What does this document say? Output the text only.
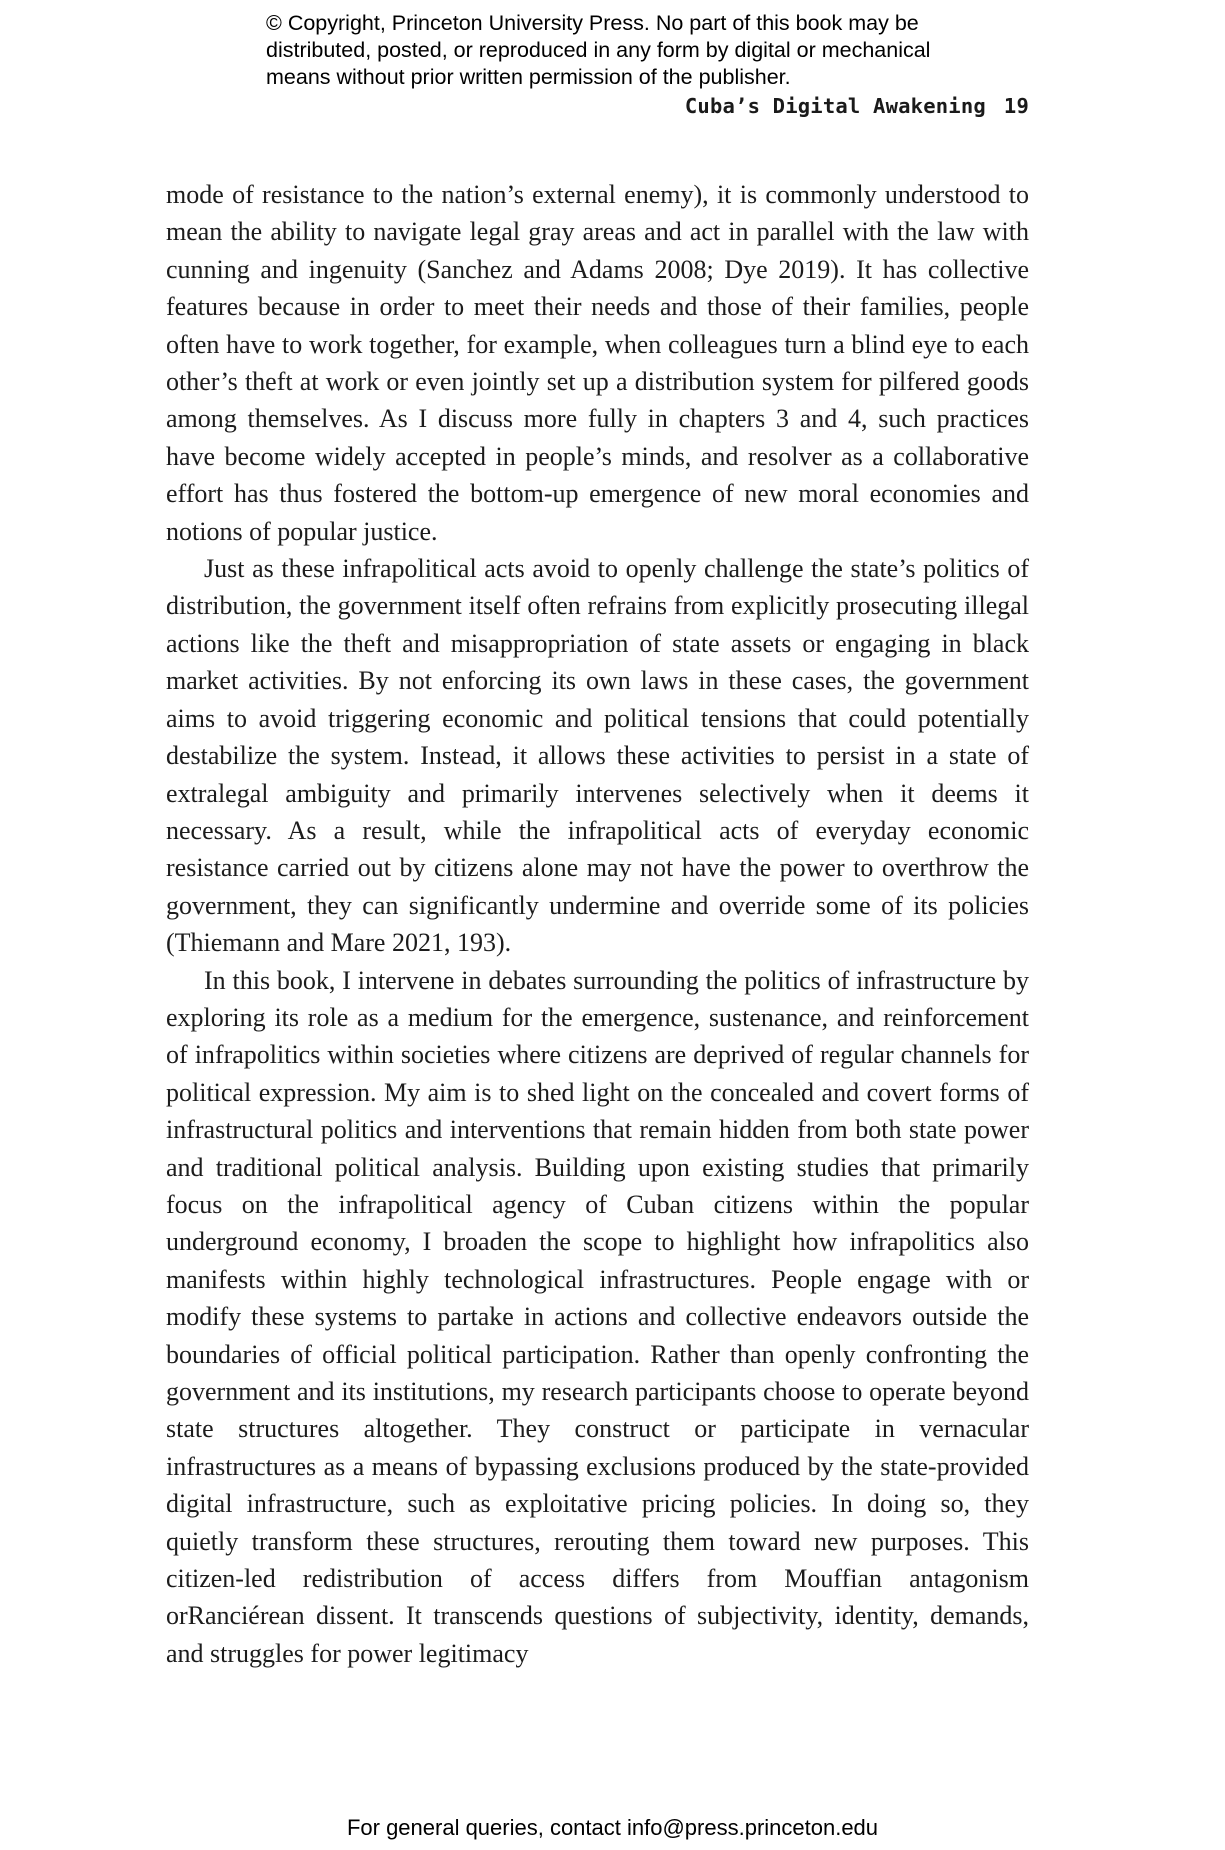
© Copyright, Princeton University Press. No part of this book may be
distributed, posted, or reproduced in any form by digital or mechanical
means without prior written permission of the publisher.
Cuba’s Digital Awakening 19

mode of resistance to the nation’s external enemy), it is commonly understood to mean the ability to navigate legal gray areas and act in parallel with the law with cunning and ingenuity (Sanchez and Adams 2008; Dye 2019). It has collective features because in order to meet their needs and those of their families, people often have to work together, for example, when colleagues turn a blind eye to each other’s theft at work or even jointly set up a distribution system for pilfered goods among themselves. As I discuss more fully in chapters 3 and 4, such practices have become widely accepted in people’s minds, and resolver as a collaborative effort has thus fostered the bottom-up emergence of new moral economies and notions of popular justice.

Just as these infrapolitical acts avoid to openly challenge the state’s politics of distribution, the government itself often refrains from explicitly prosecuting illegal actions like the theft and misappropriation of state assets or engaging in black market activities. By not enforcing its own laws in these cases, the government aims to avoid triggering economic and political tensions that could potentially destabilize the system. Instead, it allows these activities to persist in a state of extralegal ambiguity and primarily intervenes selectively when it deems it necessary. As a result, while the infrapolitical acts of everyday economic resistance carried out by citizens alone may not have the power to overthrow the government, they can significantly undermine and override some of its policies (Thiemann and Mare 2021, 193).

In this book, I intervene in debates surrounding the politics of infrastructure by exploring its role as a medium for the emergence, sustenance, and reinforcement of infrapolitics within societies where citizens are deprived of regular channels for political expression. My aim is to shed light on the concealed and covert forms of infrastructural politics and interventions that remain hidden from both state power and traditional political analysis. Building upon existing studies that primarily focus on the infrapolitical agency of Cuban citizens within the popular underground economy, I broaden the scope to highlight how infrapolitics also manifests within highly technological infrastructures. People engage with or modify these systems to partake in actions and collective endeavors outside the boundaries of official political participation. Rather than openly confronting the government and its institutions, my research participants choose to operate beyond state structures altogether. They construct or participate in vernacular infrastructures as a means of bypassing exclusions produced by the state-provided digital infrastructure, such as exploitative pricing policies. In doing so, they quietly transform these structures, rerouting them toward new purposes. This citizen-led redistribution of access differs from Mouffian antagonism orRanciérean dissent. It transcends questions of subjectivity, identity, demands, and struggles for power legitimacy

For general queries, contact info@press.princeton.edu
